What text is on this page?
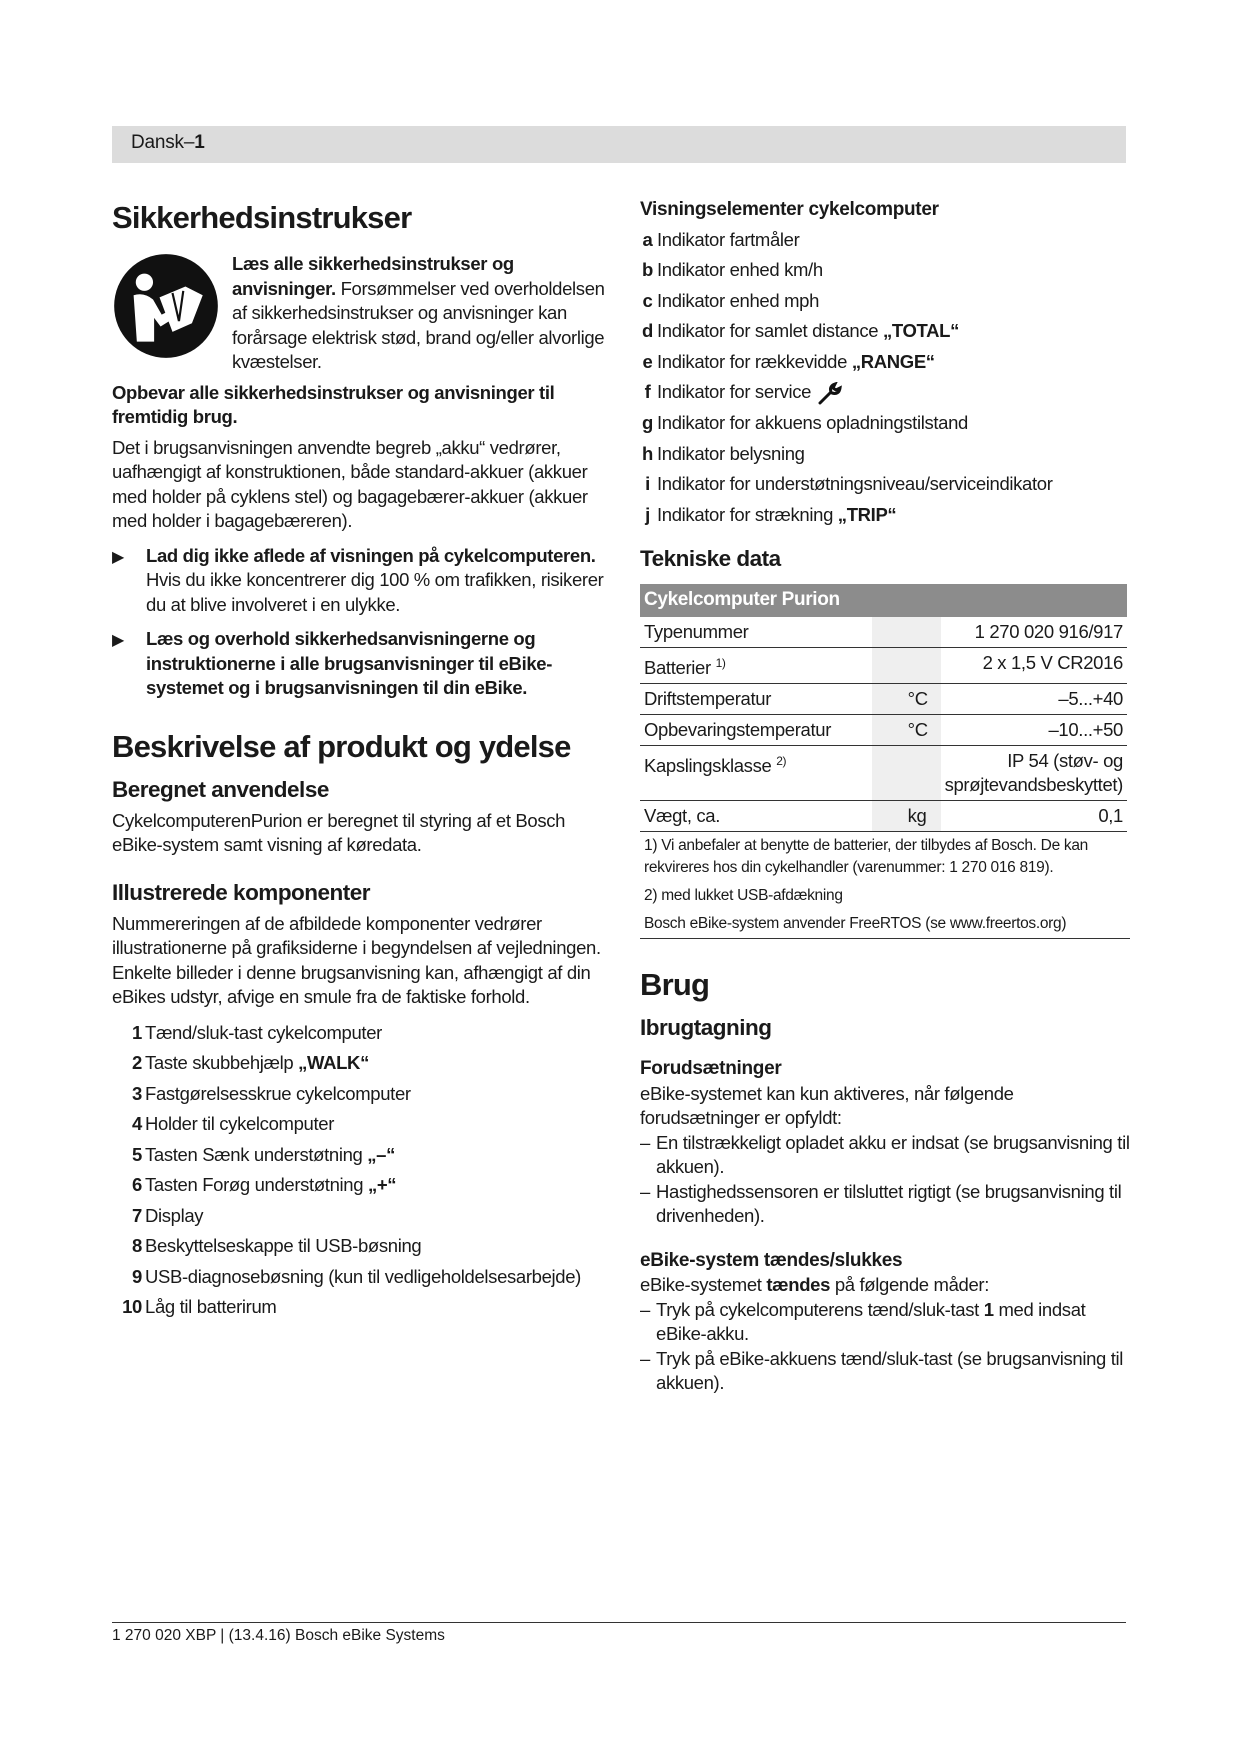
Dansk–1
Sikkerhedsinstrukser

Læs alle sikkerhedsinstrukser og anvisninger. Forsømmelser ved overholdelsen af sikkerhedsinstrukser og anvisninger kan forårsage elektrisk stød, brand og/eller alvorlige kvæstelser.

Opbevar alle sikkerhedsinstrukser og anvisninger til fremtidig brug.

Det i brugsanvisningen anvendte begreb „akku“ vedrører, uafhængigt af konstruktionen, både standard-akkuer (akkuer med holder på cyklens stel) og bagagebærer-akkuer (akkuer med holder i bagagebæreren).

▶	Lad dig ikke aflede af visningen på cykelcomputeren.

Hvis du ikke koncentrerer dig 100 % om trafikken, risikerer du at blive involveret i en ulykke.

▶	Læs og overhold sikkerhedsanvisningerne og instruktionerne i alle brugsanvisninger til eBike-systemet og i brugsanvisningen til din eBike.

Beskrivelse af produkt og ydelse
Beregnet anvendelse

CykelcomputerenPurion er beregnet til styring af et Bosch eBike-system samt visning af køredata.

Illustrerede komponenter

Nummereringen af de afbildede komponenter vedrører illustrationerne på grafiksiderne i begyndelsen af vejledningen. Enkelte billeder i denne brugsanvisning kan, afhængigt af din eBikes udstyr, afvige en smule fra de faktiske forhold.

1 Tænd/sluk-tast cykelcomputer
2 Taste skubbehjælp „WALK“
3 Fastgørelsesskrue cykelcomputer
4 Holder til cykelcomputer
5 Tasten Sænk understøtning „–“
6 Tasten Forøg understøtning „+“
7 Display
8 Beskyttelseskappe til USB-bøsning
9 USB-diagnosebøsning (kun til vedligeholdelsesarbejde)
10 Låg til batterirum
Visningselementer cykelcomputer
a Indikator fartmåler
b Indikator enhed km/h
c Indikator enhed mph
d Indikator for samlet distance „TOTAL“
e Indikator for rækkevidde „RANGE“
f Indikator for service
g Indikator for akkuens opladningstilstand
h Indikator belysning
i Indikator for understøtningsniveau/serviceindikator
j Indikator for strækning „TRIP“
Tekniske data
Cykelcomputer Purion		
Typenummer		1 270 020 916/917
Batterier $^{1)}$		2 x 1,5 V CR2016
Driftstemperatur	°C	–5...+40
Opbevaringstemperatur	°C	–10...+50
Kapslingsklasse $^{2)}$		IP 54 (støv- og sprøjtevandsbeskyttet)
Vægt, ca.	kg	0,1
1) Vi anbefaler at benytte de batterier, der tilbydes af Bosch. De kan rekvireres hos din cykelhandler (varenummer: 1 270 016 819).
2) med lukket USB-afdækning
Bosch eBike-system anvender FreeRTOS (se www.freertos.org)
Brug
Ibrugtagning
Forudsætninger

eBike-systemet kan kun aktiveres, når følgende forudsætninger er opfyldt:

– En tilstrækkeligt opladet akku er indsat (se brugsanvisning til akkuen).
– Hastighedssensoren er tilsluttet rigtigt (se brugsanvisning til drivenheden).
eBike-system tændes/slukkes

eBike-systemet tændes på følgende måder:

– Tryk på cykelcomputerens tænd/sluk-tast 1 med indsat eBike-akku.
– Tryk på eBike-akkuens tænd/sluk-tast (se brugsanvisning til akkuen).
1 270 020 XBP | (13.4.16) Bosch eBike Systems
